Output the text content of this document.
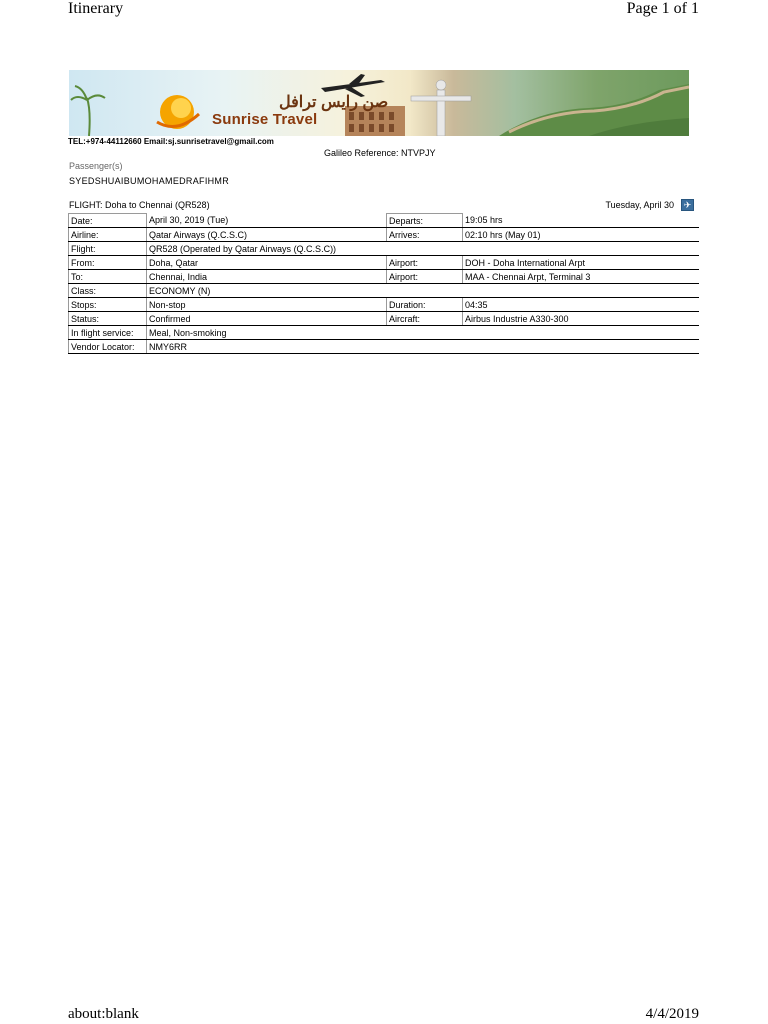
Itinerary	Page 1 of 1
صن رايس ترافل
Sunrise Travel
TEL:+974-44112660 Email:sj.sunrisetravel@gmail.com
Galileo Reference: NTVPJY
Passenger(s)
SYEDSHUAIBUMOHAMEDRAFIHMR
FLIGHT: Doha to Chennai (QR528)	Tuesday, April 30	✈
Date:	April 30, 2019 (Tue)	Departs:	19:05 hrs
Airline:	Qatar Airways (Q.C.S.C)	Arrives:	02:10 hrs (May 01)
Flight:	QR528 (Operated by Qatar Airways (Q.C.S.C))		
From:	Doha, Qatar	Airport:	DOH - Doha International Arpt
To:	Chennai, India	Airport:	MAA - Chennai Arpt, Terminal 3
Class:	ECONOMY (N)		
Stops:	Non-stop	Duration:	04:35
Status:	Confirmed	Aircraft:	Airbus Industrie A330-300
In flight service:	Meal, Non-smoking		
Vendor Locator:	NMY6RR		
about:blank	4/4/2019
